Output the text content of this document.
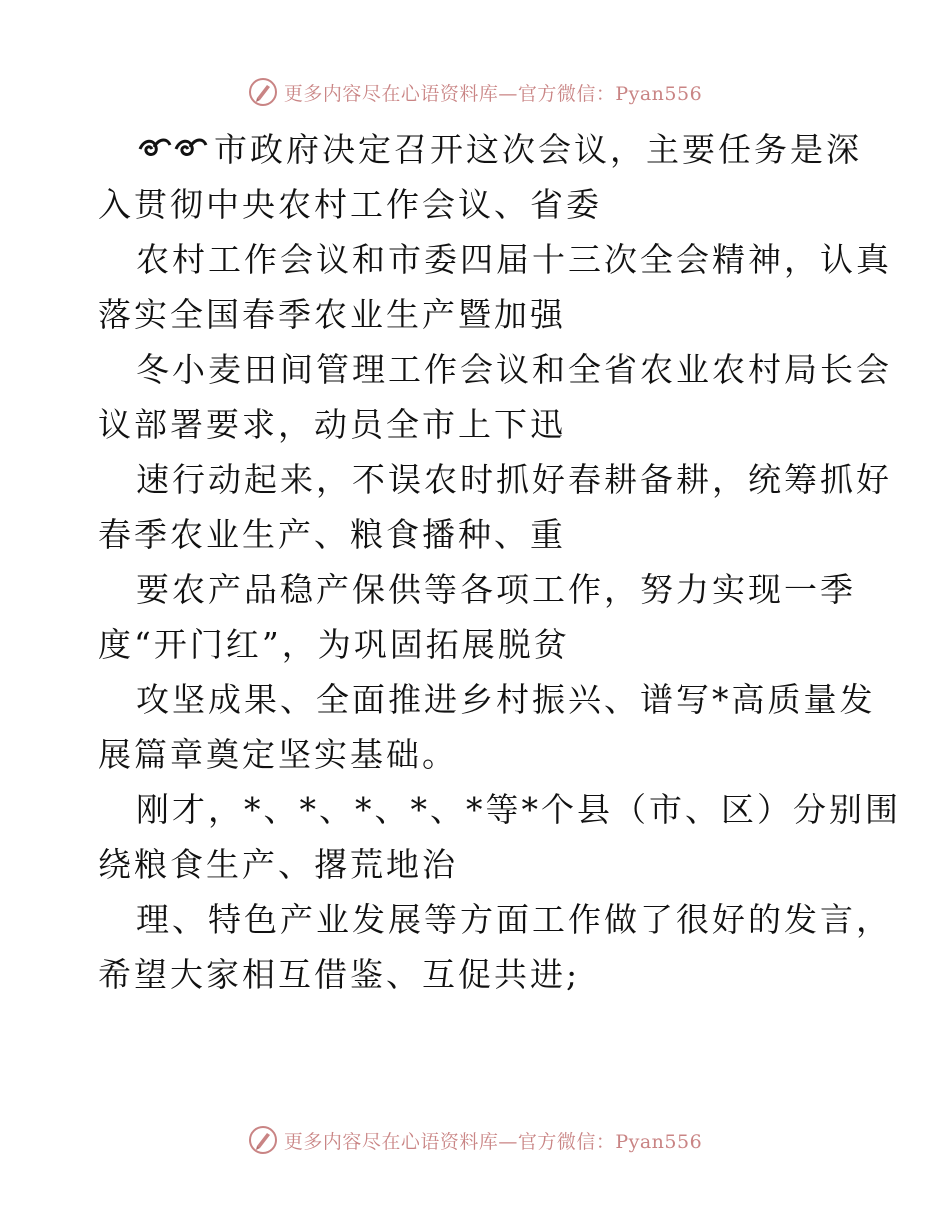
更多内容尽在心语资料库—官方微信：Pyan556
市政府决定召开这次会议，主要任务是深
入贯彻中央农村工作会议、省委
农村工作会议和市委四届十三次全会精神，认真
落实全国春季农业生产暨加强
冬小麦田间管理工作会议和全省农业农村局长会
议部署要求，动员全市上下迅
速行动起来，不误农时抓好春耕备耕，统筹抓好
春季农业生产、粮食播种、重
要农产品稳产保供等各项工作，努力实现一季
度“开门红”，为巩固拓展脱贫
攻坚成果、全面推进乡村振兴、谱写*高质量发
展篇章奠定坚实基础。
刚才，*、*、*、*、*等*个县（市、区）分别围
绕粮食生产、撂荒地治
理、特色产业发展等方面工作做了很好的发言，
希望大家相互借鉴、互促共进;
更多内容尽在心语资料库—官方微信：Pyan556
